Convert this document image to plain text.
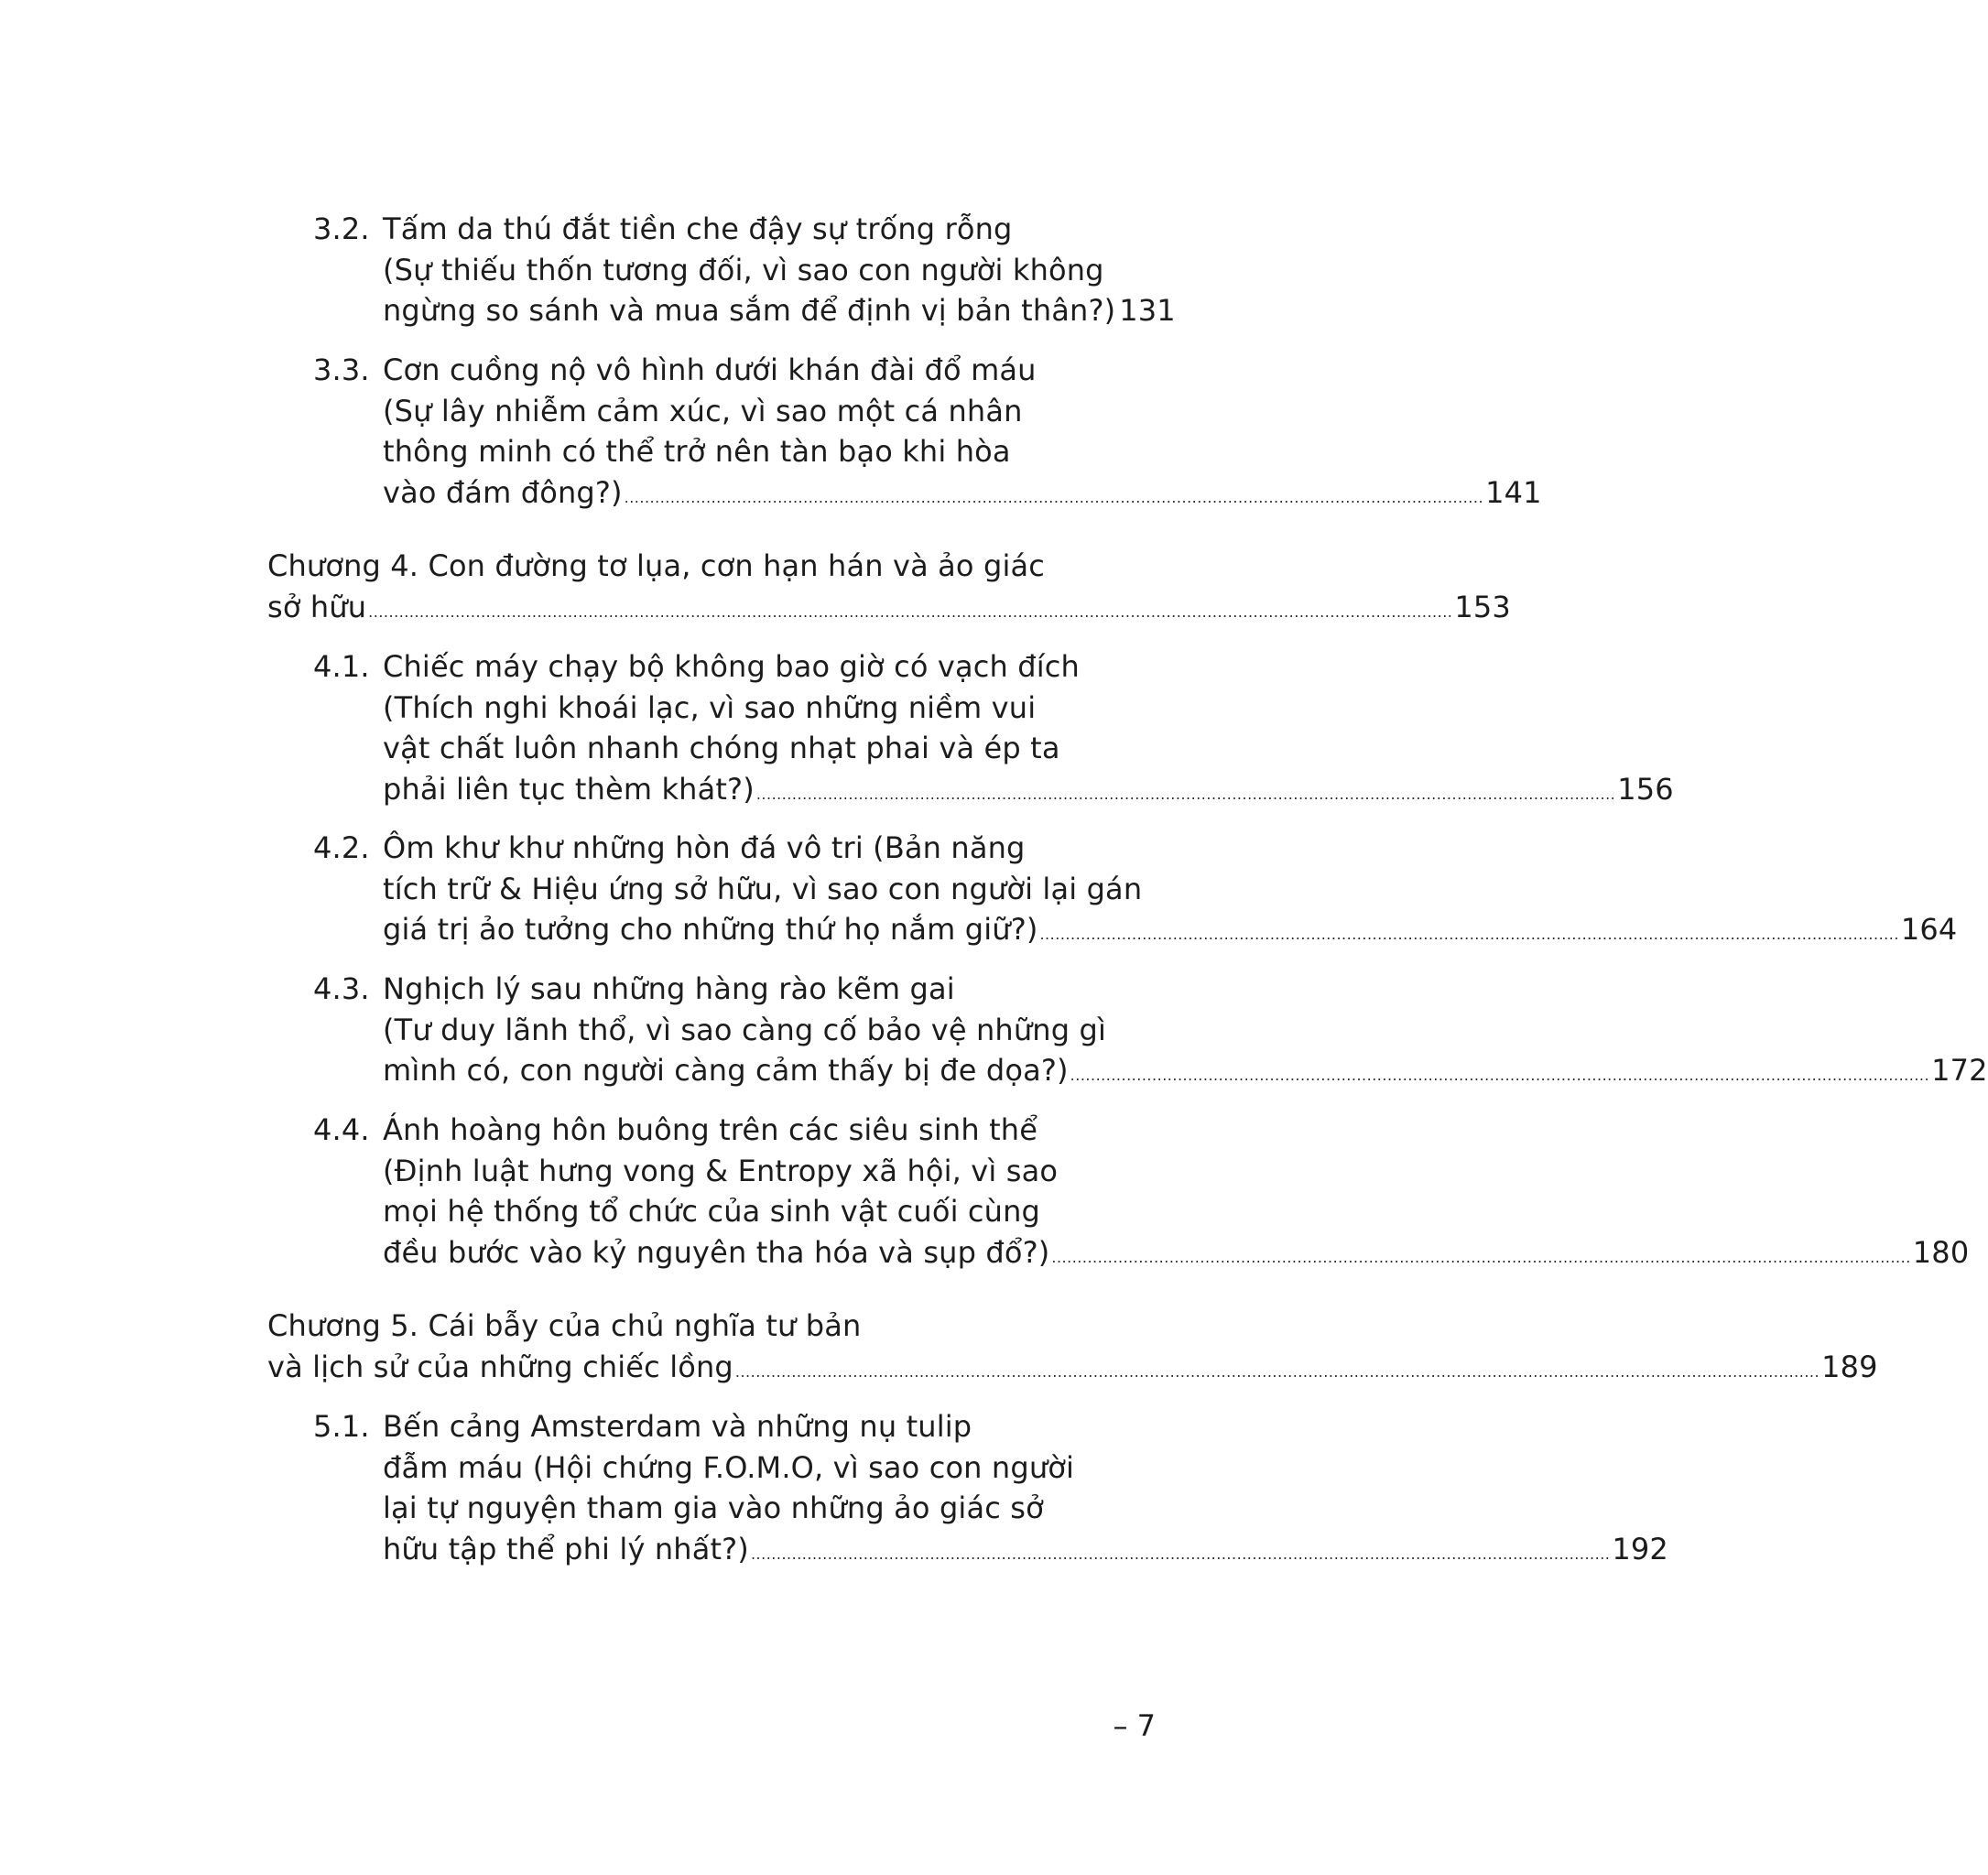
3.2. Tấm da thú đắt tiền che đậy sự trống rỗng
(Sự thiếu thốn tương đối, vì sao con người không
ngừng so sánh và mua sắm để định vị bản thân?) 131
3.3. Cơn cuồng nộ vô hình dưới khán đài đổ máu
(Sự lây nhiễm cảm xúc, vì sao một cá nhân
thông minh có thể trở nên tàn bạo khi hòa
vào đám đông?) ........................................................................................................................................................................ 141
Chương 4. Con đường tơ lụa, cơn hạn hán và ảo giác
sở hữu .................................................................................................................................................................................................................... 153
4.1. Chiếc máy chạy bộ không bao giờ có vạch đích
(Thích nghi khoái lạc, vì sao những niềm vui
vật chất luôn nhanh chóng nhạt phai và ép ta
phải liên tục thèm khát?) ........................................................................................................................................................................ 156
4.2. Ôm khư khư những hòn đá vô tri (Bản năng
tích trữ & Hiệu ứng sở hữu, vì sao con người lại gán
giá trị ảo tưởng cho những thứ họ nắm giữ?) ........................................................................................................................................................................ 164
4.3. Nghịch lý sau những hàng rào kẽm gai
(Tư duy lãnh thổ, vì sao càng cố bảo vệ những gì
mình có, con người càng cảm thấy bị đe dọa?) ........................................................................................................................................................................ 172
4.4. Ánh hoàng hôn buông trên các siêu sinh thể
(Định luật hưng vong & Entropy xã hội, vì sao
mọi hệ thống tổ chức của sinh vật cuối cùng
đều bước vào kỷ nguyên tha hóa và sụp đổ?) ........................................................................................................................................................................ 180
Chương 5. Cái bẫy của chủ nghĩa tư bản
và lịch sử của những chiếc lồng .................................................................................................................................................................................................................... 189
5.1. Bến cảng Amsterdam và những nụ tulip
đẫm máu (Hội chứng F.O.M.O, vì sao con người
lại tự nguyện tham gia vào những ảo giác sở
hữu tập thể phi lý nhất?) ........................................................................................................................................................................ 192
– 7
